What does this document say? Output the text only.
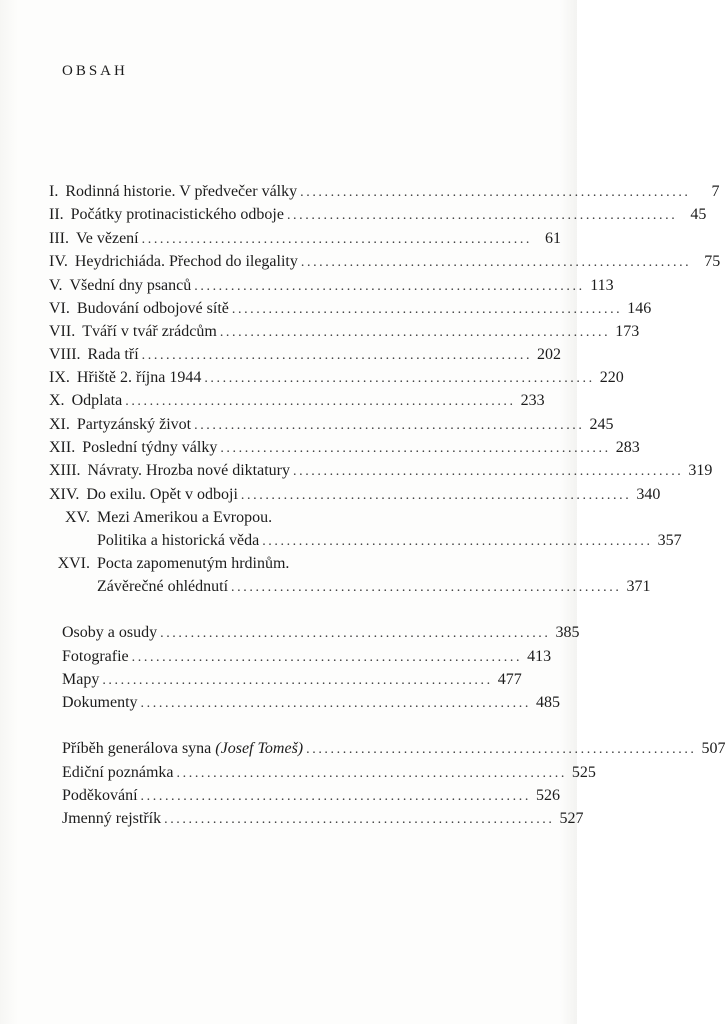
OBSAH
I. Rodinná historie. V předvečer války ................................................................	7
II. Počátky protinacistického odboje ................................................................ 45
III. Ve vězení ................................................................ 61
IV. Heydrichiáda. Přechod do ilegality ................................................................ 75
V. Všední dny psanců ................................................................ 113
VI. Budování odbojové sítě ................................................................ 146
VII. Tváří v tvář zrádcům ................................................................ 173
VIII. Rada tří ................................................................ 202
IX. Hřiště 2. října 1944 ................................................................ 220
X. Odplata ................................................................ 233
XI. Partyzánský život ................................................................ 245
XII. Poslední týdny války ................................................................ 283
XIII. Návraty. Hrozba nové diktatury ................................................................ 319
XIV. Do exilu. Opět v odboji ................................................................ 340
XV. Mezi Amerikou a Evropou.
Politika a historická věda ................................................................ 357
XVI. Pocta zapomenutým hrdinům.
Závěrečné ohlédnutí ................................................................ 371
Osoby a osudy ................................................................ 385
Fotografie ................................................................ 413
Mapy ................................................................ 477
Dokumenty ................................................................ 485
Příběh generálova syna (Josef Tomeš) ................................................................ 507
Ediční poznámka ................................................................ 525
Poděkování ................................................................ 526
Jmenný rejstřík ................................................................ 527
